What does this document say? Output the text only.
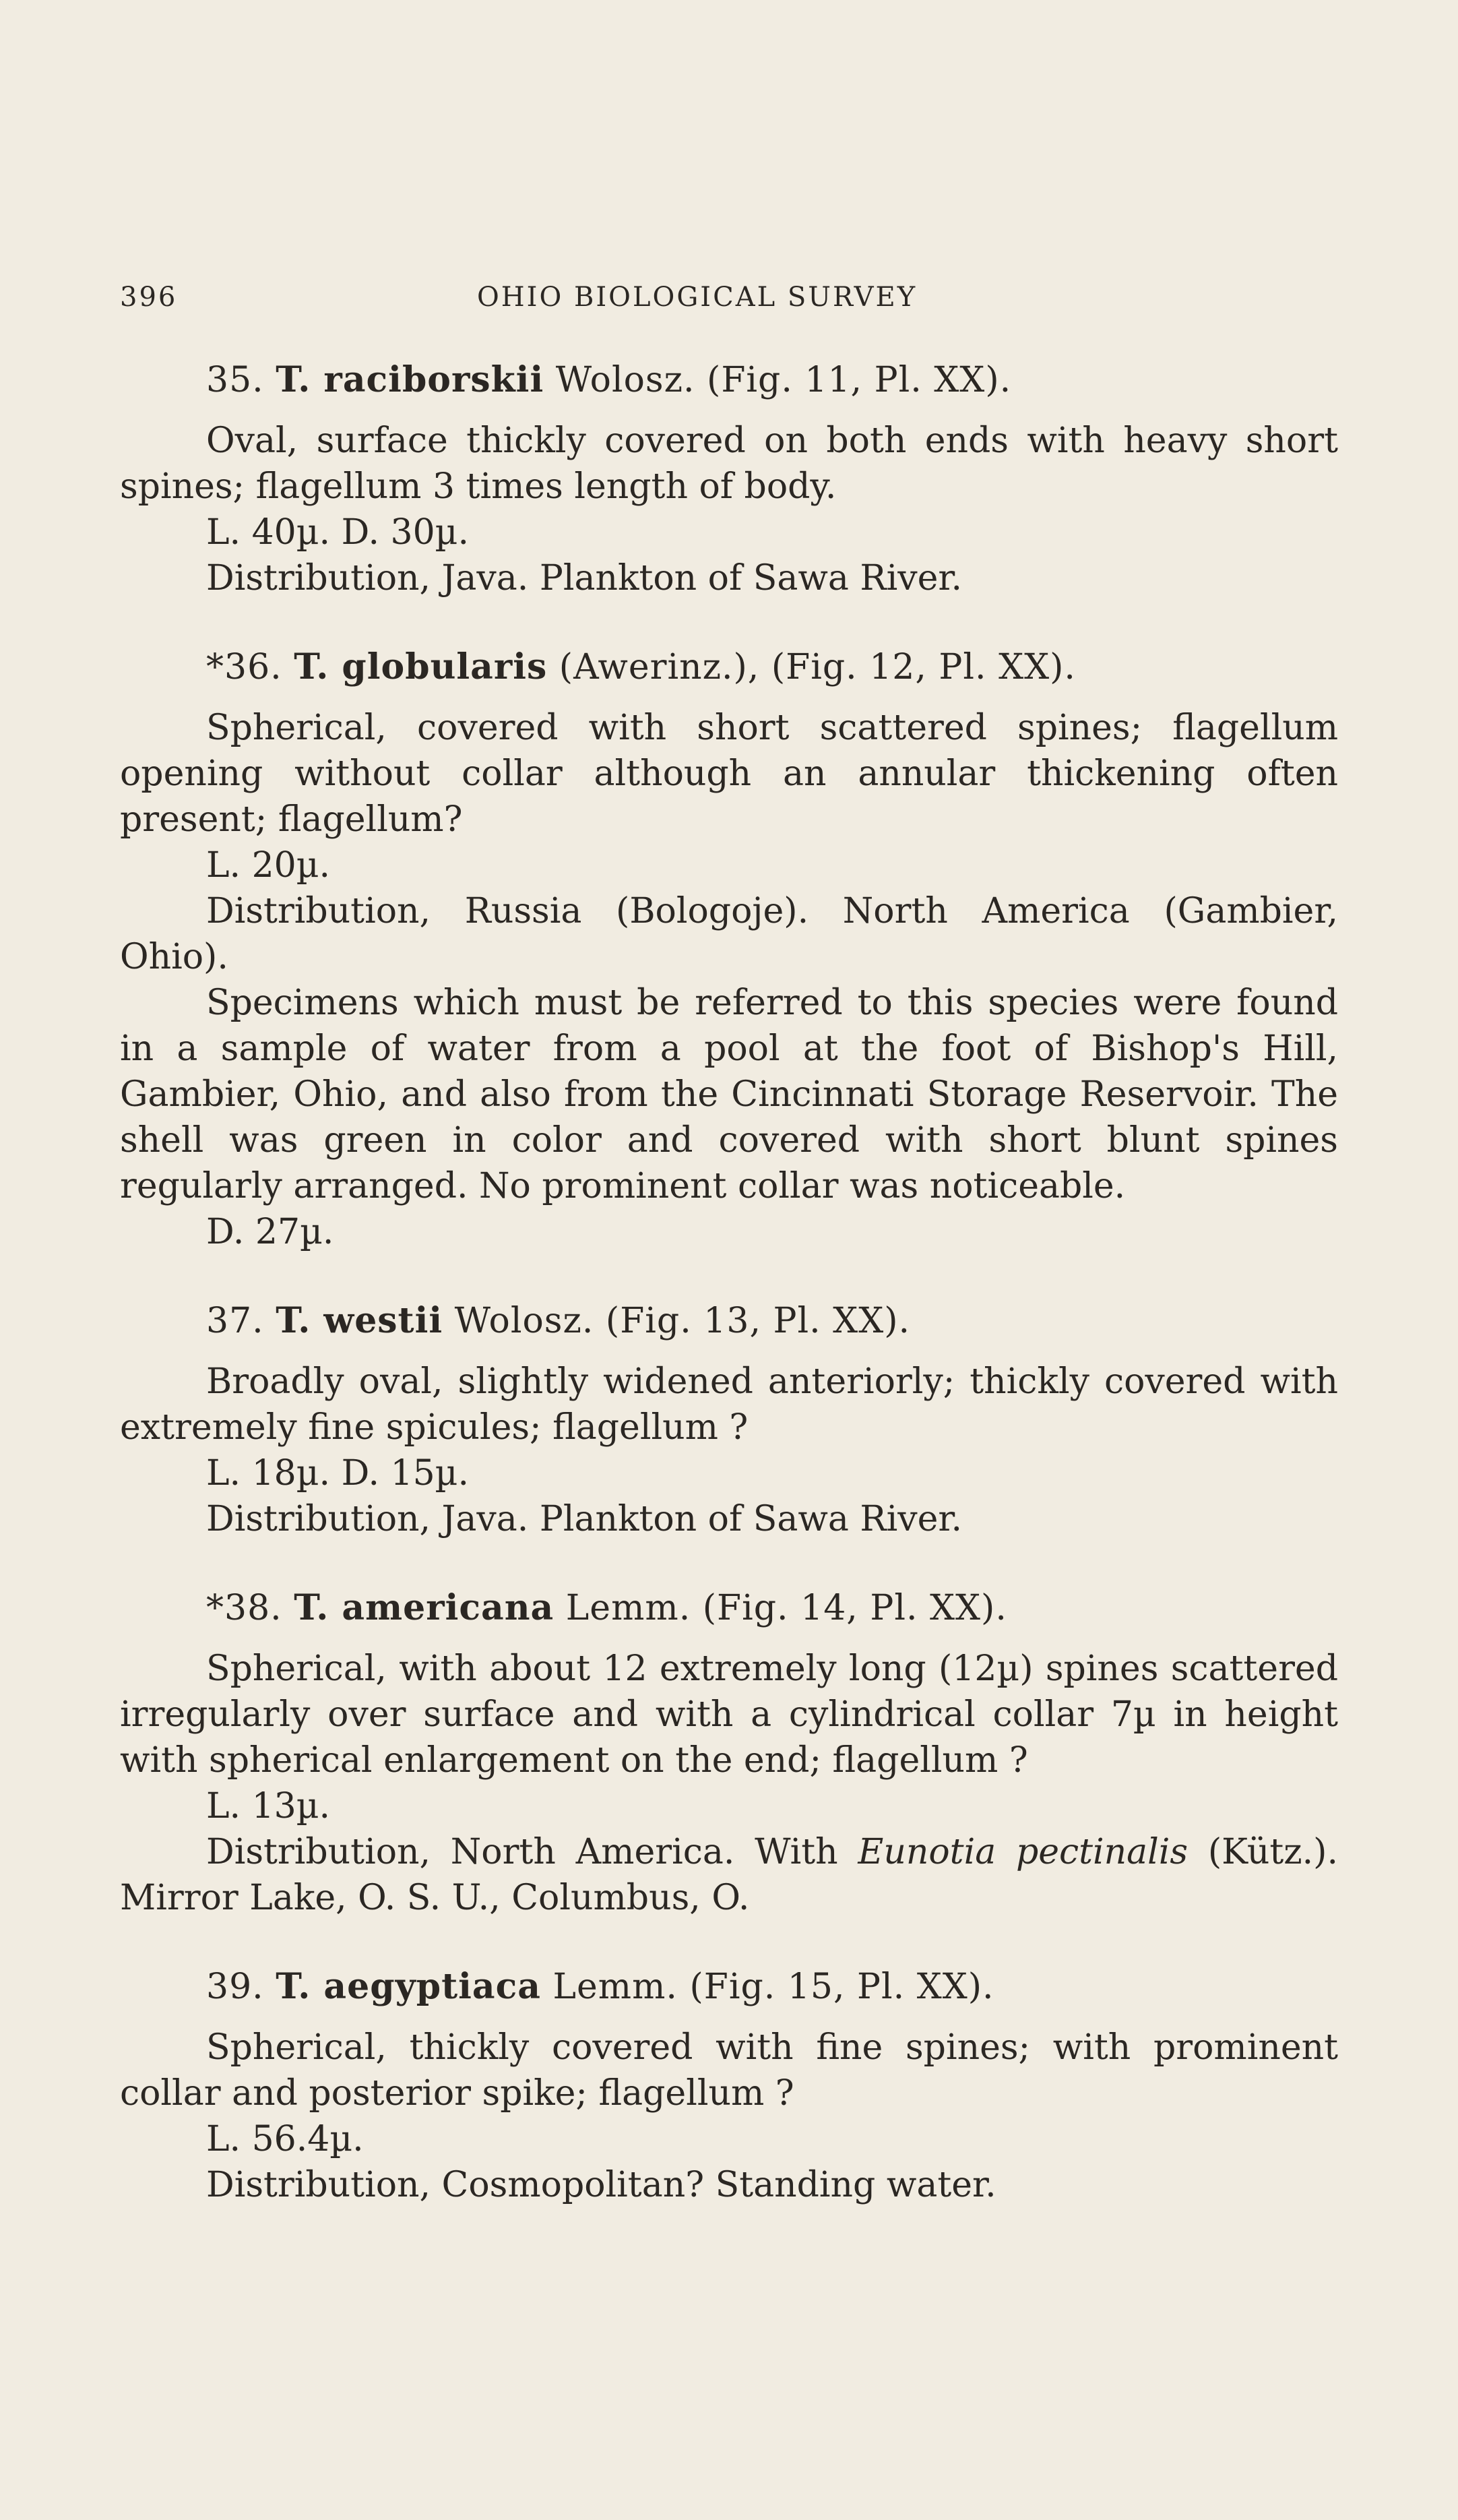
396	OHIO BIOLOGICAL SURVEY

35. T. raciborskii Wolosz. (Fig. 11, Pl. XX).

Oval, surface thickly covered on both ends with heavy short spines; flagellum 3 times length of body.

L. 40µ. D. 30µ.

Distribution, Java. Plankton of Sawa River.

*36. T. globularis (Awerinz.), (Fig. 12, Pl. XX).

Spherical, covered with short scattered spines; flagellum opening without collar although an annular thickening often present; flagellum?

L. 20µ.

Distribution, Russia (Bologoje). North America (Gambier, Ohio).

Specimens which must be referred to this species were found in a sample of water from a pool at the foot of Bishop's Hill, Gambier, Ohio, and also from the Cincinnati Storage Reservoir. The shell was green in color and covered with short blunt spines regularly arranged. No prominent collar was noticeable.

D. 27µ.

37. T. westii Wolosz. (Fig. 13, Pl. XX).

Broadly oval, slightly widened anteriorly; thickly covered with extremely fine spicules; flagellum ?

L. 18µ. D. 15µ.

Distribution, Java. Plankton of Sawa River.

*38. T. americana Lemm. (Fig. 14, Pl. XX).

Spherical, with about 12 extremely long (12µ) spines scattered irregularly over surface and with a cylindrical collar 7µ in height with spherical enlargement on the end; flagellum ?

L. 13µ.

Distribution, North America. With Eunotia pectinalis (Kütz.). Mirror Lake, O. S. U., Columbus, O.

39. T. aegyptiaca Lemm. (Fig. 15, Pl. XX).

Spherical, thickly covered with fine spines; with prominent collar and posterior spike; flagellum ?

L. 56.4µ.

Distribution, Cosmopolitan? Standing water.
